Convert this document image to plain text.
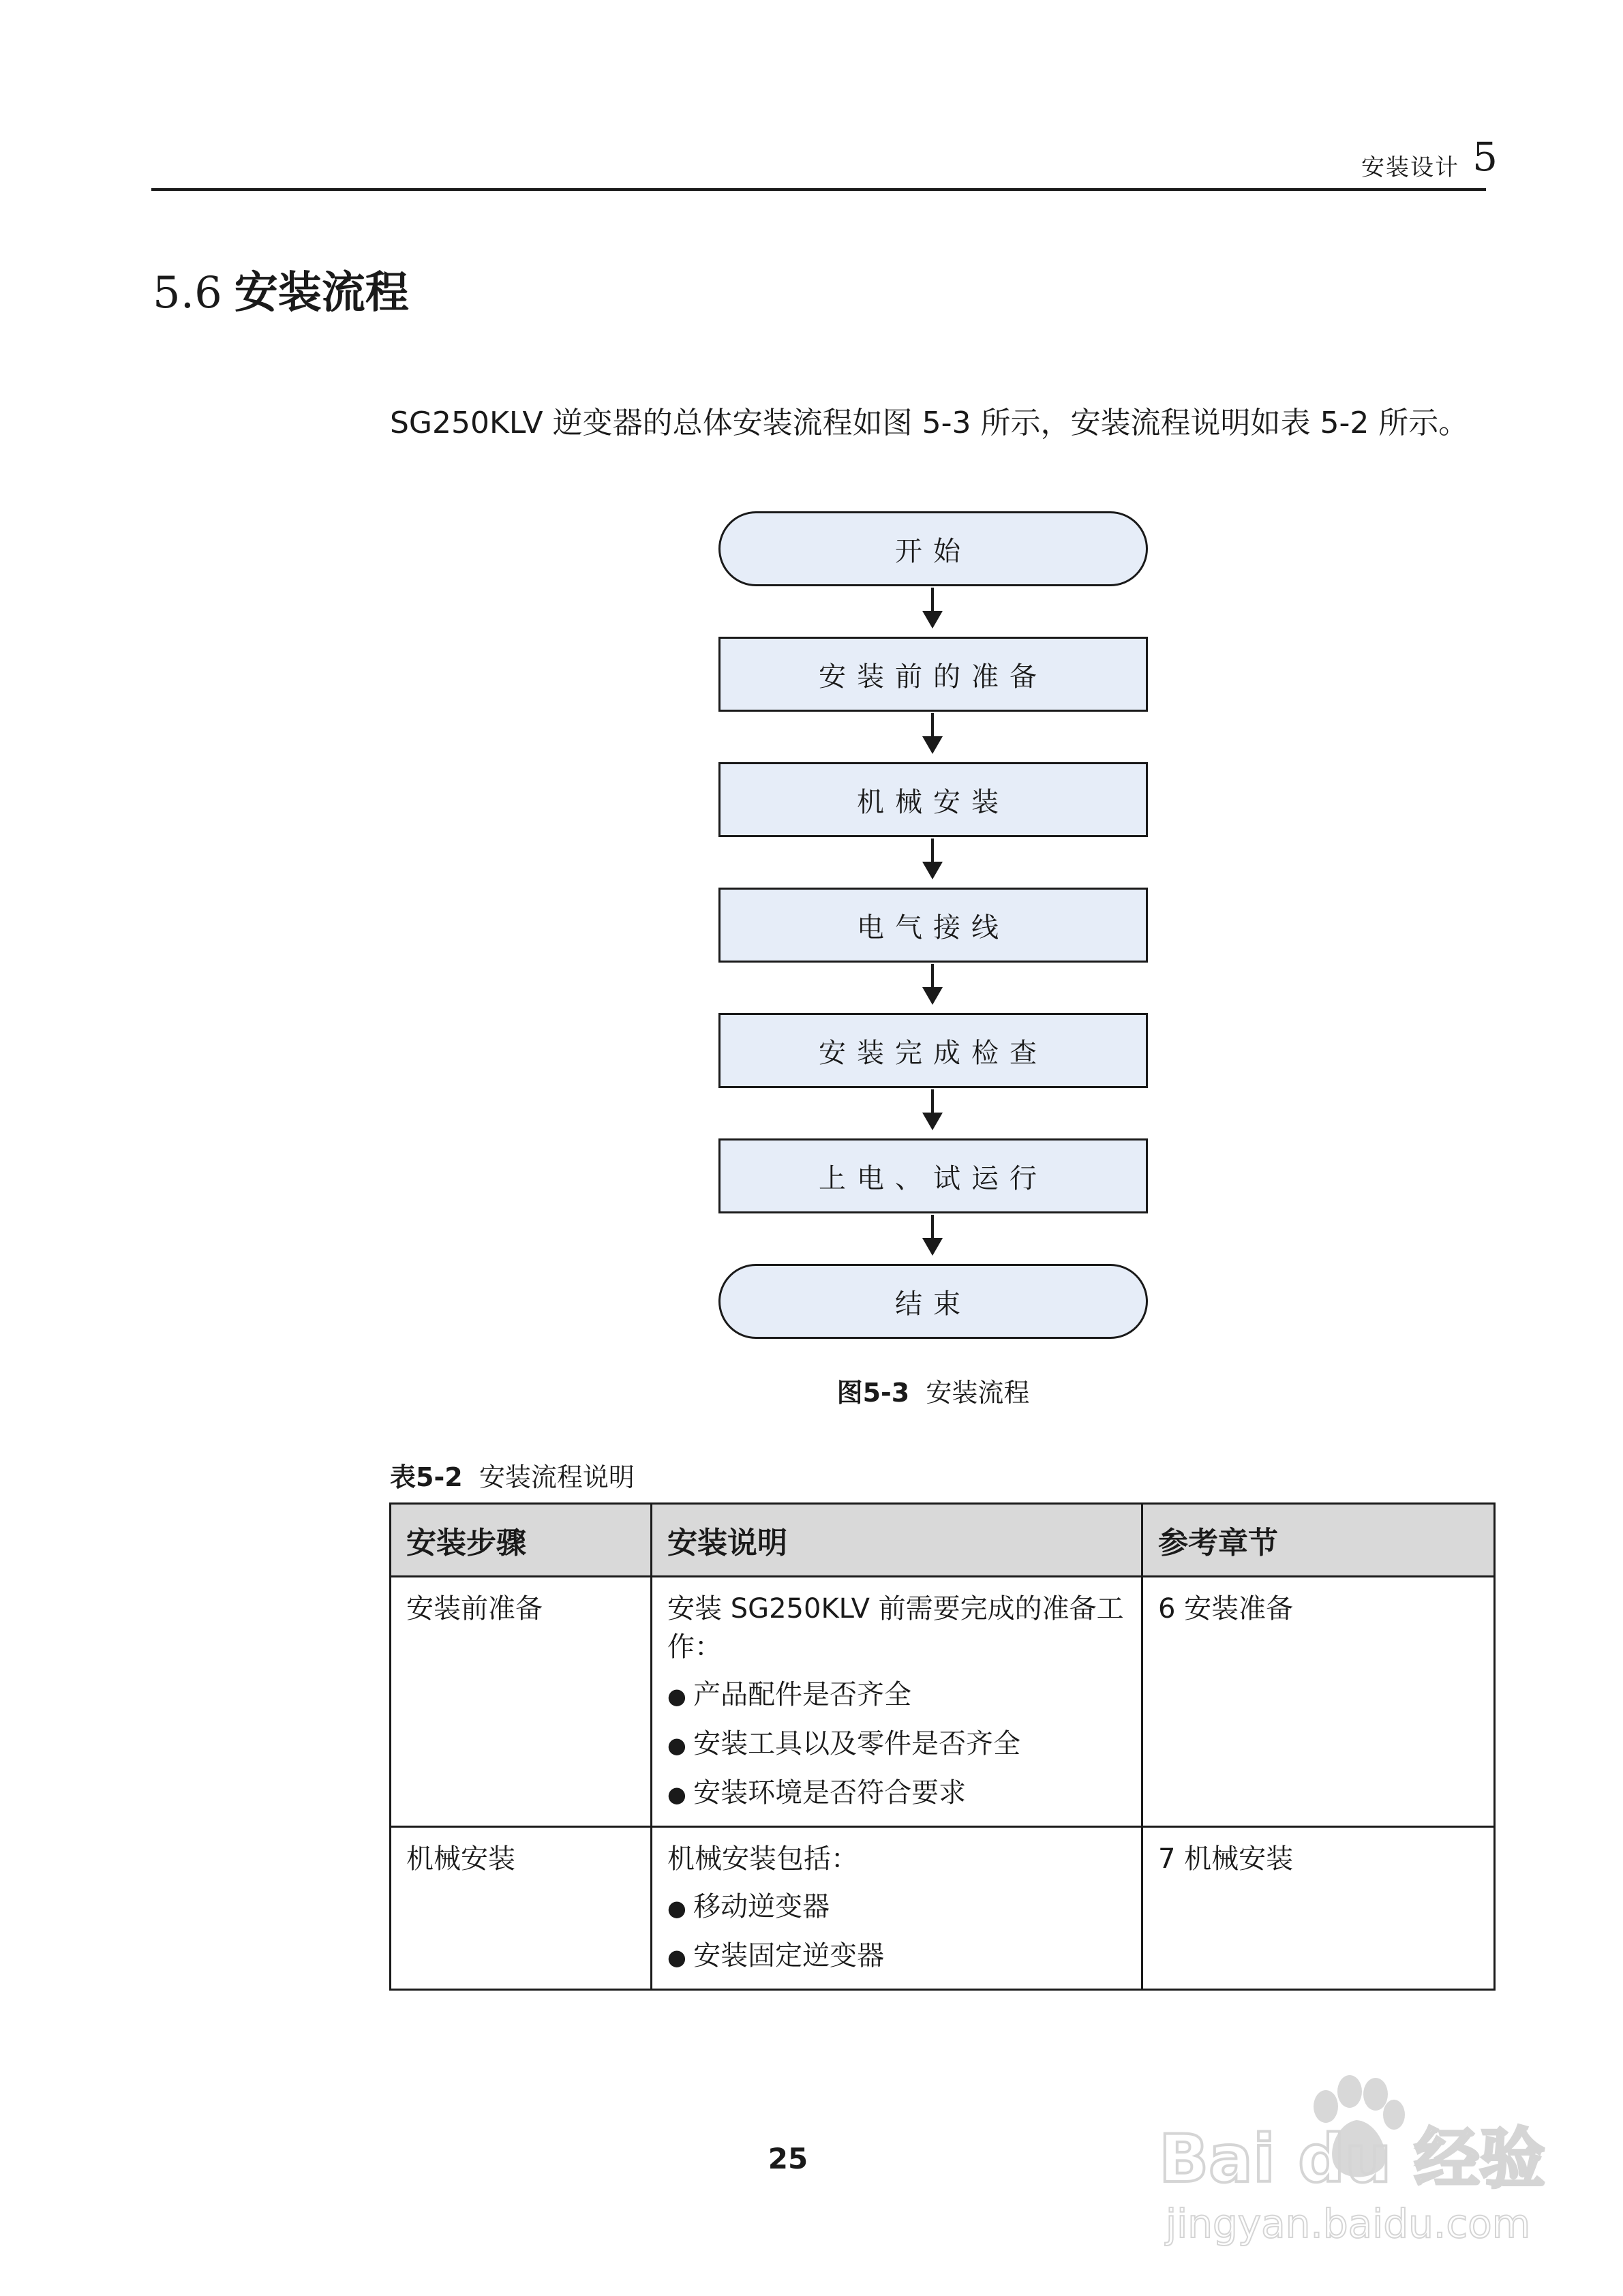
安装设计 5
5.6 安装流程
SG250KLV 逆变器的总体安装流程如图 5-3 所示，安装流程说明如表 5-2 所示。
开始
安装前的准备
机械安装
电气接线
安装完成检查
上电、试运行
结束
图5-3 安装流程
表5-2 安装流程说明
安装步骤	安装说明	参考章节

安装前准备	安装 SG250KLV 前需要完成的准备工作：
● 产品配件是否齐全
● 安装工具以及零件是否齐全
● 安装环境是否符合要求	6 安装准备

机械安装	机械安装包括：
● 移动逆变器
● 安装固定逆变器	7 机械安装
25	Bai du 经验
jingyan.baidu.com
